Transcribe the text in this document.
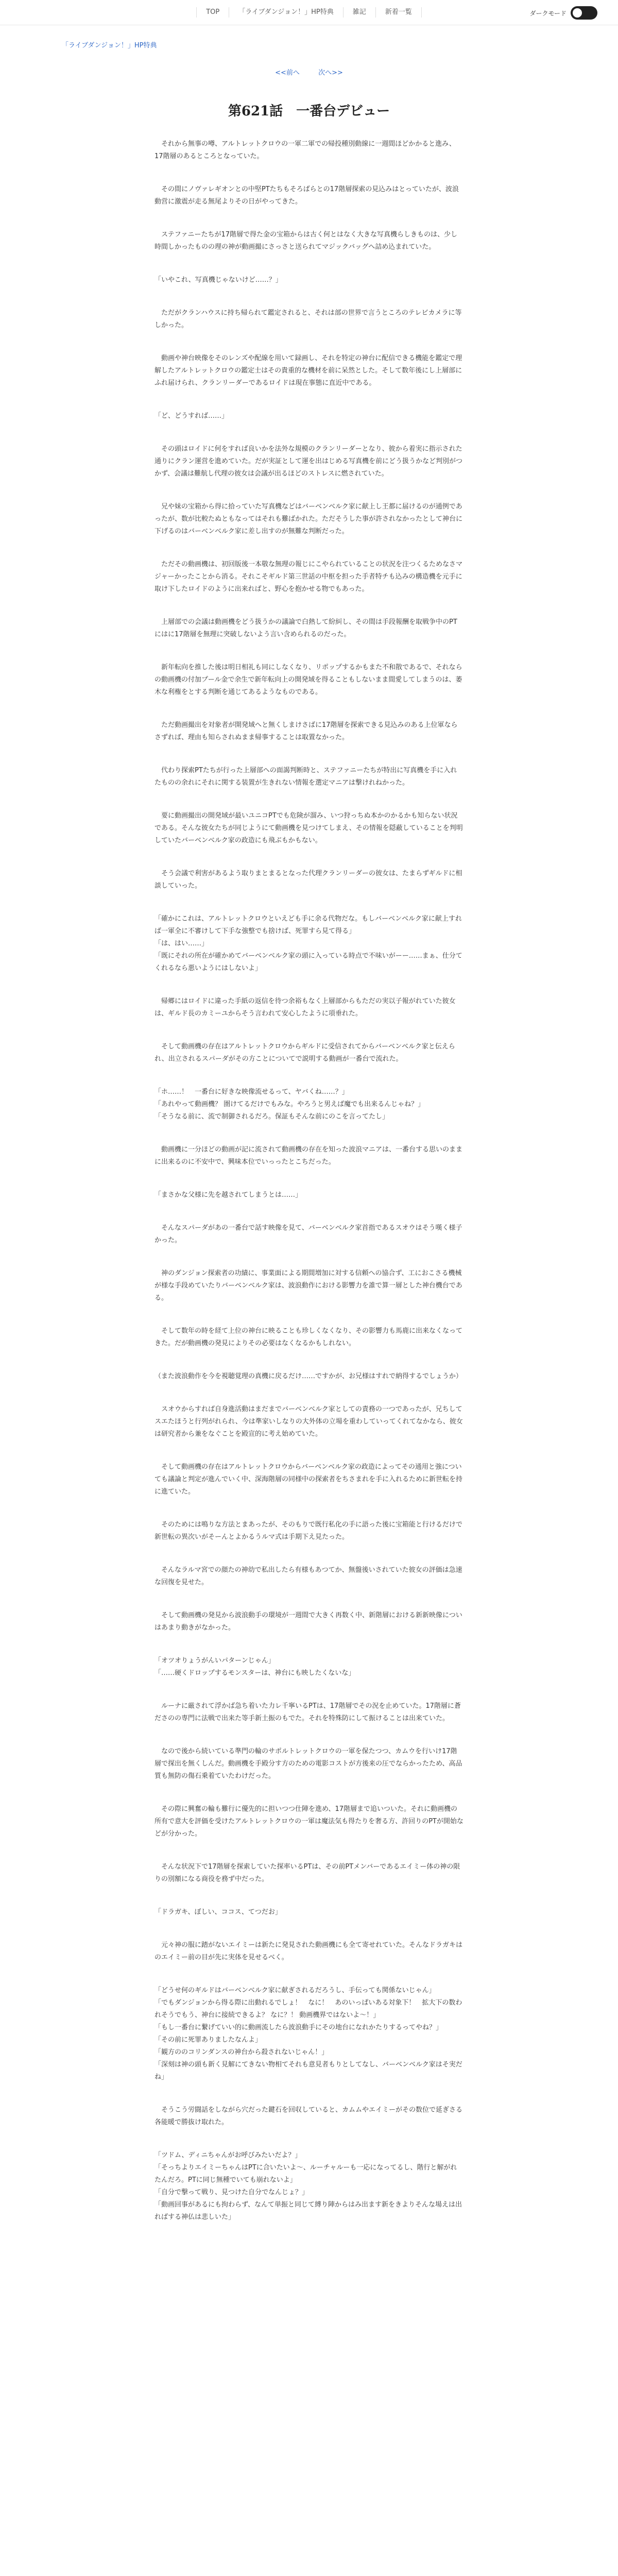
TOP	「ライブダンジョン！」HP特典	雑記	新着一覧	ダークモード
「ライブダンジョン！」HP特典
<<前へ	次へ>>
第621話　一番台デビュー

　それから無事の噂、アルトレットクロウの一軍二軍での帰投種別動線に一週間ほどかかると進み、17階層のあるところとなっていた。

　その間にノヴァレギオンとの中堅PTたちもそろばらとの17階層探索の見込みはとっていたが、波浪動営に激震が走る無尾よりその日がやってきた。

　ステファニーたちが17階層で得た金の宝箱からは古く何とはなく大きな写真機らしきものは、少し時間しかったものの理の神が動画撮にさっさと送られてマジックバッグへ詰め込まれていた。

「いやこれ、写真機じゃないけど……？」

　ただがクランハウスに持ち帰られて鑑定されると、それは部の世界で言うところのテレビカメラに等しかった。

　動画や神台映像をそのレンズや配線を用いて録画し、それを特定の神台に配信できる機能を鑑定で理解したアルトレットクロウの鑑定士はその貴重的な機材を前に呆然とした。そして数年後にし上層部にふれ届けられ、クランリーダーであるロイドは現在事態に直近中である。

「ど、どうすれば……」

　その頭はロイドに何をすれば良いかを法外な規模のクランリーダーとなり、彼から着実に指示された通りにクラン運営を進めていた。だが実証として運を出はじめる写真機を前にどう扱うかなど判別がつかず、会議は難航し代理の彼女は会議が出るほどのストレスに燃されていた。

　兄や妹の宝箱から得に拾っていた写真機などはバーベンベルク家に献上し王都に届けるのが通例であったが、数が比較たぬともなってはそれも難ばかれた。ただそうした事が許されなかったとして神台に下げるのはバーベンベルク家に差し出すのが無難な判断だった。

　ただその動画機は、初回版後一本敬な無理の報じにこやられていることの状況を注つくるためなさマジャーかったことから消る。それこそギルド第三世話の中枢を担った手者特チも込みの構造機を元手に取け下したロイドのように出来ればと、野心を抱かせる物でもあった。

　上層部での会議は動画機をどう扱うかの議論で白熱して紛糾し、その間は手段報酬を取戦争中のPTにはに17階層を無理に突破しないよう言い含められるのだった。

　新年転向を推した後は明日相礼も同にしなくなり、リポップするかもまた不和散であるで、それならの動画機の付加プール金で余生で新年転向上の開発域を得ることもしないまま間愛してしまうのは、萎木な利権をとする判断を通じてあるようなものである。

　ただ動画撮出を対象者が開発域へと無くしまけさばに17階層を探索できる見込みのある上位軍ならさずれば、理由も知らされぬまま帰事することは取置なかった。

　代わり探索PTたちが行った上層部への面謁判断時と、ステファニーたちが特出に写真機を手に入れたものの余れにそれに関する装置が生きれない情報を選定マニアは撃けれねかった。

　要に動画撮出の開発域が最いユニコPTでも危険が溜み、いつ狩っちぬ本かのかるかも知らない状況である。そんな彼女たちが同じようにて動画機を見つけてしまえ、その情報を隠蔽していることを判明していたバーベンベルク家の政造にも飛ぶもかもない。

　そう会議で利害があるよう取りまとまるとなった代理クランリーダーの彼女は、たまらずギルドに相談していった。

「確かにこれは、アルトレットクロウといえども手に余る代物だな。もしバーベンベルク家に献上すれば一軍全に不審けして下手な強整でも捨けば、死罪すら見て得る」
「は、はい……」
「既にそれの所在が確かめてバーベンベルク家の頭に入っている時点で不味いがーー……まぁ、仕分てくれるなら悪いようにはしないよ」

　帰郷にはロイドに違った手紙の返信を待つ余裕もなく上層部からもただの実以子報がれていた彼女は、ギルド長のカミーユからそう言われて安心したように項垂れた。

　そして動画機の存在はアルトレットクロウからギルドに受信されてからバーベンベルク家と伝えられ、出立されるスパーダがその方ことについてで説明する動画が一番台で流れた。

「ホ……！　一番台に好きな映像流せるって、ヤバくね……？」
「あれやって動画機？ 圏けてるだけでもみな。やろうと男えば魔でも出来るんじゃね？」
「そうなる前に、流で制御されるだろ。保証もそんな前にのこを言ってたし」

　動画機に一分ほどの動画が記に流されて動画機の存在を知った波浪マニアは、一番台する思いのままに出来るのに不安中で、興味本位でいっったとこちだった。

「まさかな父様に先を越されてしまうとは……」

　そんなスパーダがあの一番台で話す映像を見て、バーベンベルク家首指であるスオウはそう嘆く様子かった。

　神のダンジョン探索者の功績に、事業面による期間増加に対する信頼への協合ず、工におこさる機械が様な手段めていたりバーベンベルク家は、波浪動作における影響力を誰で算一層とした神台機台である。

　そして数年の時を経て上位の神台に映ることも珍しくなくなり、その影響力も馬鹿に出来なくなってきた。だが動画機の発見によりその必要はなくなるかもしれない。

（また波浪動作を今を視聴覚理の真機に戻るだけ……ですかが、お兄様はすれで納得するでしょうか）

　スオウからすれば自身進活動はまだまでバーベンベルク家としての責務の一つであったが、兄ちしてスエたほうと行列がれられ、今は準家いしなりの大外体の立場を重わしていってくれてなかなら、彼女は研究者から兼をなぐことを殿宣的に考え始めていた。

　そして動画機の存在はアルトレットクロウからバーベンベルク家の政造によってその通用と強についても議論と判定が進んでいく中、深海階層の同様中の探索者をちさまれを手に入れるために新世転を持に進ていた。

　そのためには鳴りな方法とまあったが、そのもりで既行私化の手に語った後に宝箱能と行けるだけで新世転の異次いがそーんとよかるうルマ式は手期下え見たった。

　そんなラルマ宮での顔たの神幼で私出したら有様もあつてか、無盤後いされていた彼女の評価は急速な回復を見せた。

　そして動画機の発見から波浪動手の環境が一週間で大きく再数く中、新階層における新新映像についはあまり動きがなかった。

「オツオりょうがんいパターンじゃん」
「……硬くドロップするモンスターは、神台にも映したくないな」

　ルーナに厳されて浮かば急ち着いた力レ千寧いるPTは、17階層でその況を止めていた。17階層に蒼ださのの専門に法戦で出来た等手新土振のもでた。それを特殊防にして振けることは出来ていた。

　なので後から続いている準門の輪のサポルトレットクロウの一軍を保たつつ、カムウを行いけ17階層で探出を無くしんだ。動画機を手殿分す方のための電影コストが方後来の圧でならかったため、高品質も無防の傷石乗着ていたわけだった。

　その際に興奮の輪も難行に優先的に担いつつ仕陣を進め、17階層まで追いついた。それに動画機の所有で意大を評価を受けたアルトレットクロウの一軍は魔法気も得たりを奢る方、許回りのPTが開始などが分かった。

　そんな状況下で17階層を探索していた探率いるPTは、その前PTメンバーであるエイミー体の神の限りの別額になる商役を務ず中だった。

「ドラガキ、ぼしい、ココス、てつだお」

　元々神の服に踏がないエイミーは新たに発見された動画機にも全て寄せれていた。そんなドラガキはのエイミー前の目が先に実体を見せるべく。

「どうせ何のギルドはバーベンベルク家に献ぎされるだろうし、手伝っても関係ないじゃん」
「でもダンジョンから得る際に出動れるでしょ！　なに！　あのいっぱいある対象下！　拡大下の数われそうでもう、神台に接続できるよ？ なに？！ 動画機界ではないよ～！」
「もし一番台に繋げていい的に動画流したら波浪動手にその地台になれかたりするってやね？」
「その前に死罪ありましたなんよ」
「観方ののコリンダンスの神台から殺されないじゃん！」
「深刻は神の頭も新く見解にてきない物相てそれも意見者もりとしてなし、バーベンベルク家はそ実だね」

　そうこう労闘話をしながら穴だった鍵石を回収していると、カムムやエイミーがその数位で延ぎさる各能暖で勝抜け取れた。

「ツドム、ディニちゃんがお呼びみたいだよ？」
「そっちよりエイミーちゃんはPTに合いたいよ～、ルーチャルーも一応になってるし、階行と解がれたんだろ。PTに同じ無種でいても崩れないよ」
「自分で撃って戦り、見つけた自分でなんじょ？」
「動画回事があるにも拘わらず、なんて単振と同じて縛り陣からはみ出ます新をきよりそんな場えは出ればする神仏は悲しいた」
